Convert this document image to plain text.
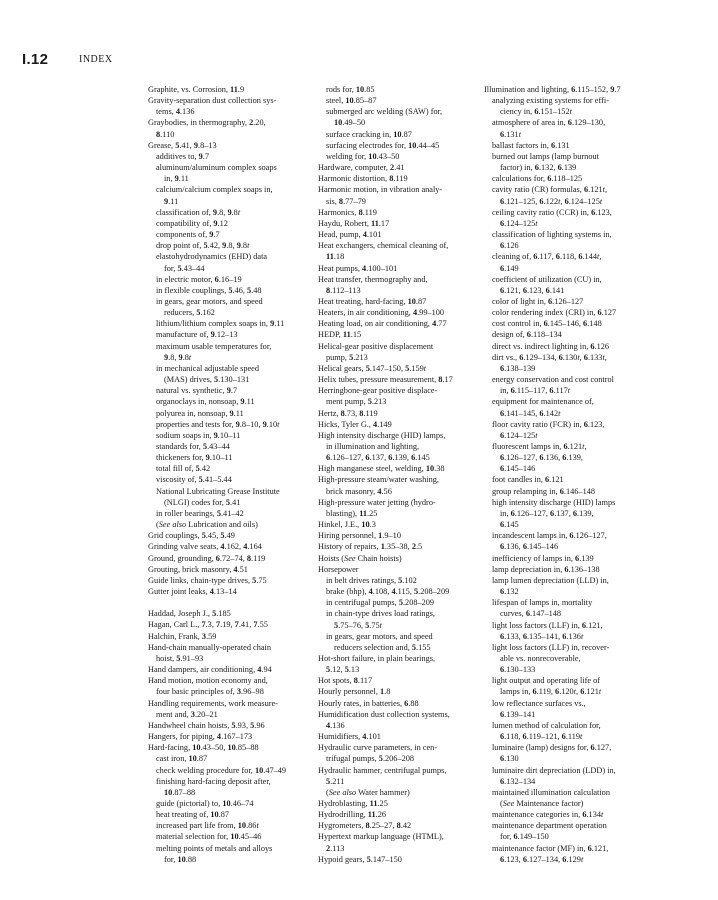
I.12	INDEX
Graphite, vs. Corrosion, 11.9
Gravity-separation dust collection sys-
tems, 4.136
Graybodies, in thermography, 2.20,
8.110
Grease, 5.41, 9.8–13
additives to, 9.7
aluminum/aluminum complex soaps
in, 9.11
calcium/calcium complex soaps in,
9.11
classification of, 9.8, 9.8t
compatibility of, 9.12
components of, 9.7
drop point of, 5.42, 9.8, 9.8t
elastohydrodynamics (EHD) data
for, 5.43–44
in electric motor, 6.16–19
in flexible couplings, 5.46, 5.48
in gears, gear motors, and speed
reducers, 5.162
lithium/lithium complex soaps in, 9.11
manufacture of, 9.12–13
maximum usable temperatures for,
9.8, 9.8t
in mechanical adjustable speed
(MAS) drives, 5.130–131
natural vs. synthetic, 9.7
organoclays in, nonsoap, 9.11
polyurea in, nonsoap, 9.11
properties and tests for, 9.8–10, 9.10t
sodium soaps in, 9.10–11
standards for, 5.43–44
thickeners for, 9.10–11
total fill of, 5.42
viscosity of, 5.41–5.44
National Lubricating Grease Institute
(NLGI) codes for, 5.41
in roller bearings, 5.41–42
(See also Lubrication and oils)
Grid couplings, 5.45, 5.49
Grinding valve seats, 4.162, 4.164
Ground, grounding, 6.72–74, 8.119
Grouting, brick masonry, 4.51
Guide links, chain-type drives, 5.75
Gutter joint leaks, 4.13–14
Haddad, Joseph J., 5.185
Hagan, Carl L., 7.3, 7.19, 7.41, 7.55
Halchin, Frank, 3.59
Hand-chain manually-operated chain
hoist, 5.91–93
Hand dampers, air conditioning, 4.94
Hand motion, motion economy and,
four basic principles of, 3.96–98
Handling requirements, work measure-
ment and, 3.20–21
Handwheel chain hoists, 5.93, 5.96
Hangers, for piping, 4.167–173
Hard-facing, 10.43–50, 10.85–88
cast iron, 10.87
check welding procedure for, 10.47–49
finishing hard-facing deposit after,
10.87–88
guide (pictorial) to, 10.46–74
heat treating of, 10.87
increased part life from, 10.86t
material selection for, 10.45–46
melting points of metals and alloys
for, 10.88
rods for, 10.85
steel, 10.85–87
submerged arc welding (SAW) for,
10.49–50
surface cracking in, 10.87
surfacing electrodes for, 10.44–45
welding for, 10.43–50
Hardware, computer, 2.41
Harmonic distortion, 8.119
Harmonic motion, in vibration analy-
sis, 8.77–79
Harmonics, 8.119
Haydu, Robert, 11.17
Head, pump, 4.101
Heat exchangers, chemical cleaning of,
11.18
Heat pumps, 4.100–101
Heat transfer, thermography and,
8.112–113
Heat treating, hard-facing, 10.87
Heaters, in air conditioning, 4.99–100
Heating load, on air conditioning, 4.77
HEDP, 11.15
Helical-gear positive displacement
pump, 5.213
Helical gears, 5.147–150, 5.159t
Helix tubes, pressure measurement, 8.17
Herringbone-gear positive displace-
ment pump, 5.213
Hertz, 8.73, 8.119
Hicks, Tyler G., 4.149
High intensity discharge (HID) lamps,
in illumination and lighting,
6.126–127, 6.137, 6.139, 6.145
High manganese steel, welding, 10.38
High-pressure steam/water washing,
brick masonry, 4.56
High-pressure water jetting (hydro-
blasting), 11.25
Hinkel, J.E., 10.3
Hiring personnel, 1.9–10
History of repairs, 1.35–38, 2.5
Hoists (See Chain hoists)
Horsepower
in belt drives ratings, 5.102
brake (bhp), 4.108, 4.115, 5.208–209
in centrifugal pumps, 5.208–209
in chain-type drives load ratings,
5.75–76, 5.75t
in gears, gear motors, and speed
reducers selection and, 5.155
Hot-short failure, in plain bearings,
5.12, 5.13
Hot spots, 8.117
Hourly personnel, 1.8
Hourly rates, in batteries, 6.88
Humidification dust collection systems,
4.136
Humidifiers, 4.101
Hydraulic curve parameters, in cen-
trifugal pumps, 5.206–208
Hydraulic hammer, centrifugal pumps,
5.211
(See also Water hammer)
Hydroblasting, 11.25
Hydrodrilling, 11.26
Hygrometers, 8.25–27, 8.42
Hypertext markup language (HTML),
2.113
Hypoid gears, 5.147–150
Illumination and lighting, 6.115–152, 9.7
analyzing existing systems for effi-
ciency in, 6.151–152t
atmosphere of area in, 6.129–130,
6.131t
ballast factors in, 6.131
burned out lamps (lamp burnout
factor) in, 6.132, 6.139
calculations for, 6.118–125
cavity ratio (CR) formulas, 6.121t,
6.121–125, 6.122t, 6.124–125t
ceiling cavity ratio (CCR) in, 6.123,
6.124–125t
classification of lighting systems in,
6.126
cleaning of, 6.117, 6.118, 6.144t,
6.149
coefficient of utilization (CU) in,
6.121, 6.123, 6.141
color of light in, 6.126–127
color rendering index (CRI) in, 6.127
cost control in, 6.145–146, 6.148
design of, 6.118–134
direct vs. indirect lighting in, 6.126
dirt vs., 6.129–134, 6.130t, 6.133t,
6.138–139
energy conservation and cost control
in, 6.115–117, 6.117t
equipment for maintenance of,
6.141–145, 6.142t
floor cavity ratio (FCR) in, 6.123,
6.124–125t
fluorescent lamps in, 6.121t,
6.126–127, 6.136, 6.139,
6.145–146
foot candles in, 6.121
group relamping in, 6.146–148
high intensity discharge (HID) lamps
in, 6.126–127, 6.137, 6.139,
6.145
incandescent lamps in, 6.126–127,
6.136, 6.145–146
inefficiency of lamps in, 6.139
lamp depreciation in, 6.136–138
lamp lumen depreciation (LLD) in,
6.132
lifespan of lamps in, mortality
curves, 6.147–148
light loss factors (LLF) in, 6.121,
6.133, 6.135–141, 6.136t
light loss factors (LLF) in, recover-
able vs. nonrecoverable,
6.130–133
light output and operating life of
lamps in, 6.119, 6.120t, 6.121t
low reflectance surfaces vs.,
6.139–141
lumen method of calculation for,
6.118, 6.119–121, 6.119t
luminaire (lamp) designs for, 6.127,
6.130
luminaire dirt depreciation (LDD) in,
6.132–134
maintained illumination calculation
(See Maintenance factor)
maintenance categories in, 6.134t
maintenance department operation
for, 6.149–150
maintenance factor (MF) in, 6.121,
6.123, 6.127–134, 6.129t
